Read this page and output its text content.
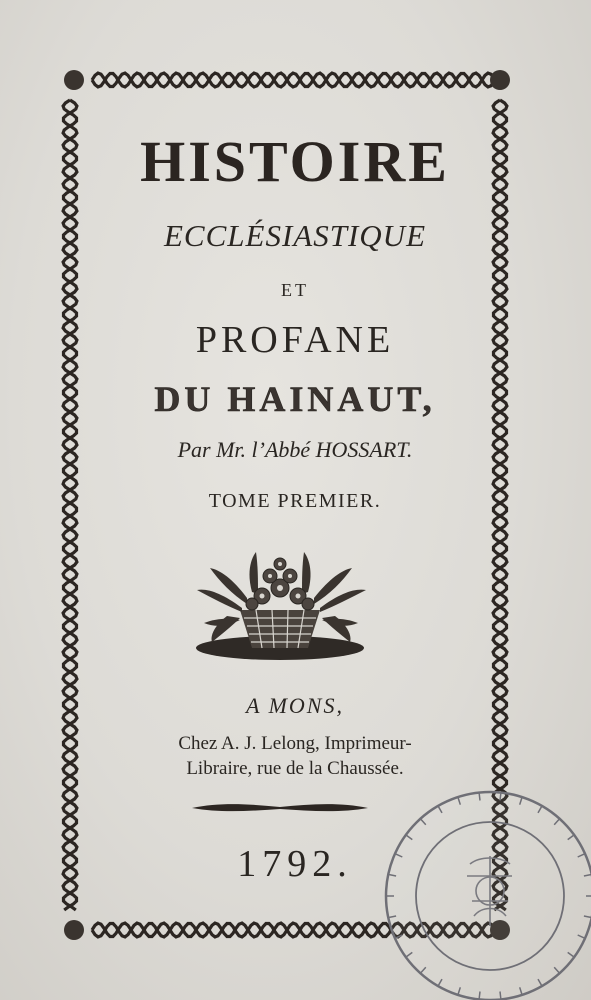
HISTOIRE
ECCLÉSIASTIQUE
ET
PROFANE
DU HAINAUT,
Par Mr. l’Abbé HOSSART.
TOME PREMIER.
A MONS,
Chez A. J. Lelong, Imprimeur-
Libraire, rue de la Chaussée.
1792.
